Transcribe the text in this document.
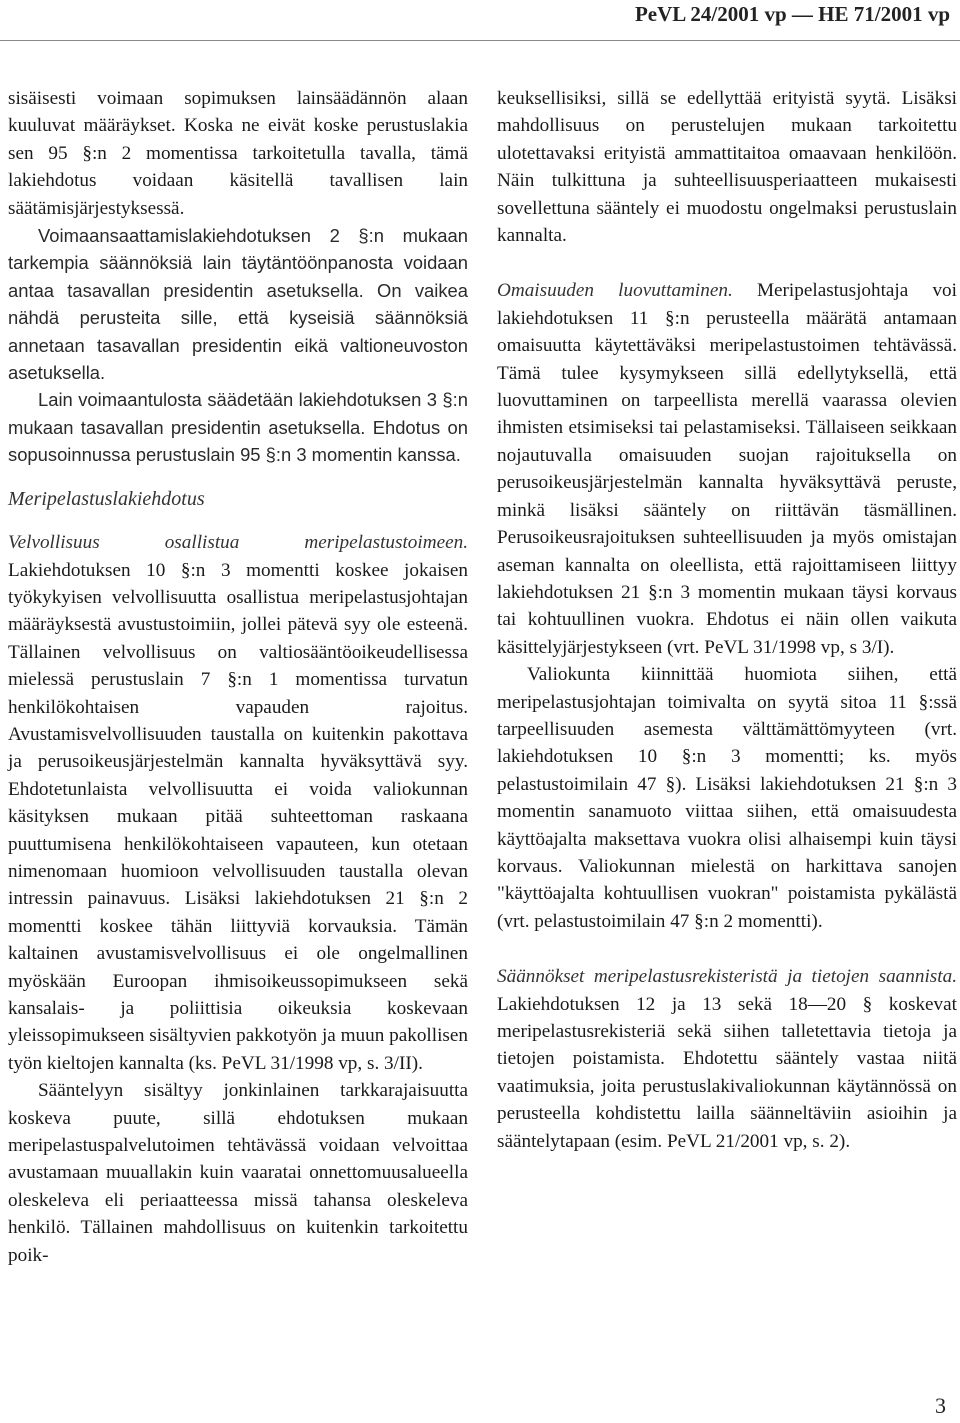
PeVL 24/2001 vp — HE 71/2001 vp

sisäisesti voimaan sopimuksen lainsäädännön alaan kuuluvat määräykset. Koska ne eivät koske perustuslakia sen 95 §:n 2 momentissa tarkoitetulla tavalla, tämä lakiehdotus voidaan käsitellä tavallisen lain säätämisjärjestyksessä.

Voimaansaattamislakiehdotuksen 2 §:n mukaan tarkempia säännöksiä lain täytäntöönpanosta voidaan antaa tasavallan presidentin asetuksella. On vaikea nähdä perusteita sille, että kyseisiä säännöksiä annetaan tasavallan presidentin eikä valtioneuvoston asetuksella.

Lain voimaantulosta säädetään lakiehdotuksen 3 §:n mukaan tasavallan presidentin asetuksella. Ehdotus on sopusoinnussa perustuslain 95 §:n 3 momentin kanssa.

Meripelastuslakiehdotus

Velvollisuus osallistua meripelastustoimeen. Lakiehdotuksen 10 §:n 3 momentti koskee jokaisen työkykyisen velvollisuutta osallistua meripelastusjohtajan määräyksestä avustustoimiin, jollei pätevä syy ole esteenä. Tällainen velvollisuus on valtiosääntöoikeudellisessa mielessä perustuslain 7 §:n 1 momentissa turvatun henkilökohtaisen vapauden rajoitus. Avustamisvelvollisuuden taustalla on kuitenkin pakottava ja perusoikeusjärjestelmän kannalta hyväksyttävä syy. Ehdotetunlaista velvollisuutta ei voida valiokunnan käsityksen mukaan pitää suhteettoman raskaana puuttumisena henkilökohtaiseen vapauteen, kun otetaan nimenomaan huomioon velvollisuuden taustalla olevan intressin painavuus. Lisäksi lakiehdotuksen 21 §:n 2 momentti koskee tähän liittyviä korvauksia. Tämän kaltainen avustamisvelvollisuus ei ole ongelmallinen myöskään Euroopan ihmisoikeussopimukseen sekä kansalais- ja poliittisia oikeuksia koskevaan yleissopimukseen sisältyvien pakkotyön ja muun pakollisen työn kieltojen kannalta (ks. PeVL 31/1998 vp, s. 3/II).

Sääntelyyn sisältyy jonkinlainen tarkkarajaisuutta koskeva puute, sillä ehdotuksen mukaan meripelastuspalvelutoimen tehtävässä voidaan velvoittaa avustamaan muuallakin kuin vaaratai onnettomuusalueella oleskeleva eli periaatteessa missä tahansa oleskeleva henkilö. Tällainen mahdollisuus on kuitenkin tarkoitettu poik-

keuksellisiksi, sillä se edellyttää erityistä syytä. Lisäksi mahdollisuus on perustelujen mukaan tarkoitettu ulotettavaksi erityistä ammattitaitoa omaavaan henkilöön. Näin tulkittuna ja suhteellisuusperiaatteen mukaisesti sovellettuna sääntely ei muodostu ongelmaksi perustuslain kannalta.

Omaisuuden luovuttaminen. Meripelastusjohtaja voi lakiehdotuksen 11 §:n perusteella määrätä antamaan omaisuutta käytettäväksi meripelastustoimen tehtävässä. Tämä tulee kysymykseen sillä edellytyksellä, että luovuttaminen on tarpeellista merellä vaarassa olevien ihmisten etsimiseksi tai pelastamiseksi. Tällaiseen seikkaan nojautuvalla omaisuuden suojan rajoituksella on perusoikeusjärjestelmän kannalta hyväksyttävä peruste, minkä lisäksi sääntely on riittävän täsmällinen. Perusoikeusrajoituksen suhteellisuuden ja myös omistajan aseman kannalta on oleellista, että rajoittamiseen liittyy lakiehdotuksen 21 §:n 3 momentin mukaan täysi korvaus tai kohtuullinen vuokra. Ehdotus ei näin ollen vaikuta käsittelyjärjestykseen (vrt. PeVL 31/1998 vp, s 3/I).

Valiokunta kiinnittää huomiota siihen, että meripelastusjohtajan toimivalta on syytä sitoa 11 §:ssä tarpeellisuuden asemesta välttämättömyyteen (vrt. lakiehdotuksen 10 §:n 3 momentti; ks. myös pelastustoimilain 47 §). Lisäksi lakiehdotuksen 21 §:n 3 momentin sanamuoto viittaa siihen, että omaisuudesta käyttöajalta maksettava vuokra olisi alhaisempi kuin täysi korvaus. Valiokunnan mielestä on harkittava sanojen "käyttöajalta kohtuullisen vuokran" poistamista pykälästä (vrt. pelastustoimilain 47 §:n 2 momentti).

Säännökset meripelastusrekisteristä ja tietojen saannista. Lakiehdotuksen 12 ja 13 sekä 18—20 § koskevat meripelastusrekisteriä sekä siihen talletettavia tietoja ja tietojen poistamista. Ehdotettu sääntely vastaa niitä vaatimuksia, joita perustuslakivaliokunnan käytännössä on perusteella kohdistettu lailla säänneltäviin asioihin ja sääntelytapaan (esim. PeVL 21/2001 vp, s. 2).

3
